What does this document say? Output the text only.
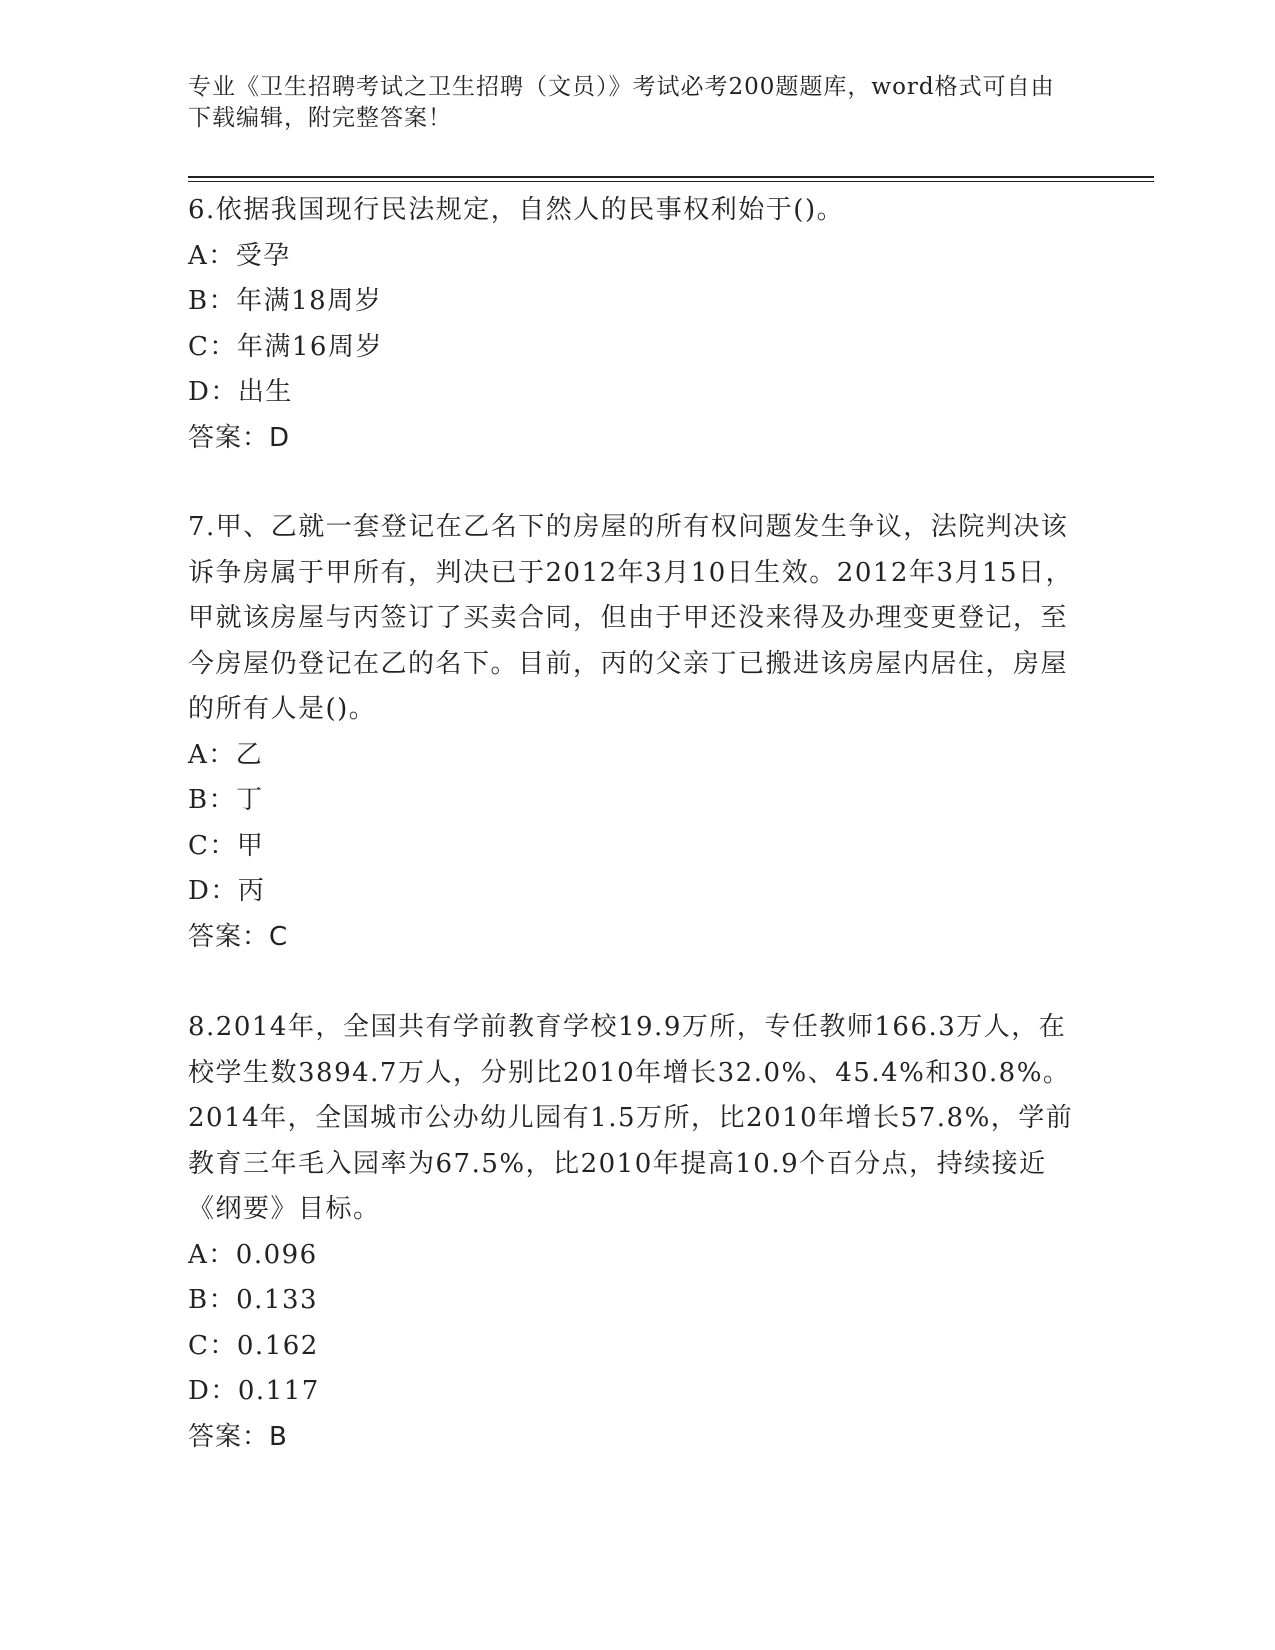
专业《卫生招聘考试之卫生招聘（文员）》考试必考200题题库，word格式可自由下载编辑，附完整答案！

6.依据我国现行民法规定，自然人的民事权利始于()。

A：受孕

B：年满18周岁

C：年满16周岁

D：出生

答案：D

7.甲、乙就一套登记在乙名下的房屋的所有权问题发生争议，法院判决该诉争房属于甲所有，判决已于2012年3月10日生效。2012年3月15日，甲就该房屋与丙签订了买卖合同，但由于甲还没来得及办理变更登记，至今房屋仍登记在乙的名下。目前，丙的父亲丁已搬进该房屋内居住，房屋的所有人是()。

A：乙

B：丁

C：甲

D：丙

答案：C

8.2014年，全国共有学前教育学校19.9万所，专任教师166.3万人，在校学生数3894.7万人，分别比2010年增长32.0%、45.4%和30.8%。2014年，全国城市公办幼儿园有1.5万所，比2010年增长57.8%，学前教育三年毛入园率为67.5%，比2010年提高10.9个百分点，持续接近《纲要》目标。

A：0.096

B：0.133

C：0.162

D：0.117

答案：B
